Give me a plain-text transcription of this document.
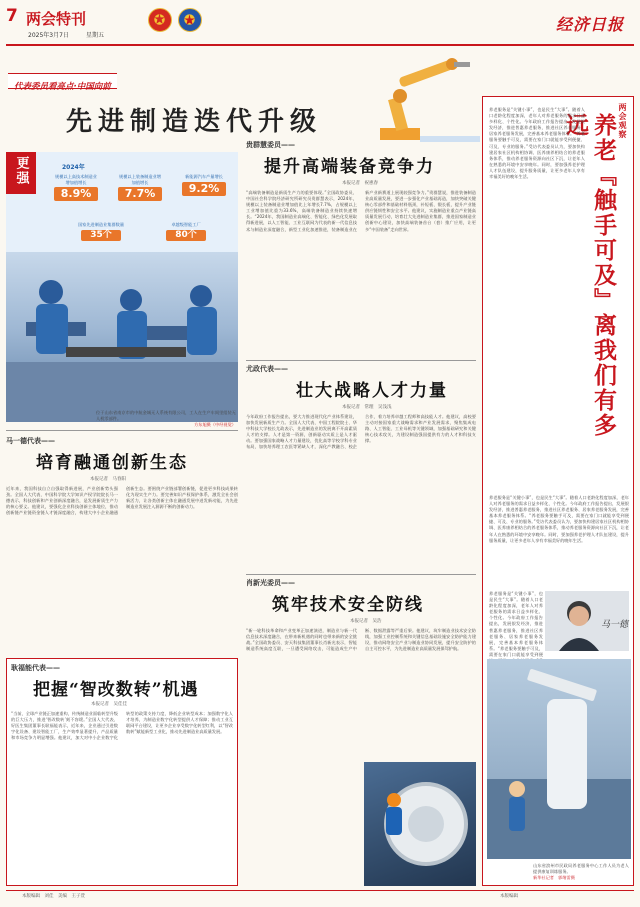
7 两会特刊
2025年3月7日	星期五
经济日报
代表委员看亮点·中国向前
先进制造迭代升级
更强	2024年
规模以上高技术制造业增加值增长
8.9%
规模以上装备制造业增加值增长
7.7%
新能源汽车产量增长
9.2%
国家先进制造业集群数量
35个
卓越级智能工厂
80个
位于山东省南京市的中航金城无人系统有限公司，工人在生产车间里组装无人机零部件。
方东旭摄（中经视觉）
马一德代表——
培育融通创新生态
本报记者　马春阳
近年来，我国科技自立自强取得新进展，产业创新势头强劲。全国人大代表、中国科学院大学知识产权学院院长马一德表示，科技创新和产业创新深度融合，是发展新质生产力的核心要义。他建议，要强化企业科技创新主体地位，推动创新链产业链资金链人才链深度融合，构建大中小企业融通创新生态。要围绕产业链部署创新链，促进更多科技成果转化为现实生产力。要完善知识产权保护体系，激发全社会创新活力，让各类创新主体在融通发展中迸发新动能，为先进制造业发展注入源源不断的创新动力。
耿福能代表——
把握“智改数转”机遇
本报记者　吴佳佳
“当前，全球产业链正加速重构，传统制造业面临转型升级的巨大压力，推进‘智改数转’刻不容缓。”全国人大代表、好医生集团董事长耿福能表示，近年来，企业通过引进数字化设备、建设智能工厂，生产效率显著提升，产品质量和市场竞争力明显增强。他建议，加大对中小企业数字化转型的政策支持力度，降低企业转型成本；加强数字化人才培养，为制造业数字化转型提供人才保障；推动工业互联网平台建设，让更多企业享受数字化转型红利，以“智改数转”赋能新型工业化，推动先进制造业高质量发展。
贵群慧委员——
提升高端装备竞争力
本报记者　祝惠春
“高端装备制造是新质生产力的重要体现。”全国政协委员、中国社会科学院经济研究所研究员贵群慧表示，2024年，规模以上装备制造业增加值比上年增长7.7%，占规模以上工业增加值比重为33.6%，高端装备制造业持续快速增长。“2024年，我国制造业高端化、智能化、绿色化发展取得新进展，以人工智能、工业互联网为代表的新一代信息技术与制造业深度融合，新型工业化加速推进，装备制造业在新产业新赛道上展现较强竞争力。”贵群慧说，推进装备制造业高质量发展，要进一步强化产业基础再造，加快突破关键核心零部件和基础材料瓶颈，补短板、锻长板，提升产业链供应链韧性和安全水平。他建议，实施制造业重点产业链高质量发展行动，培育壮大先进制造业集群，推进国家制造业创新中心建设，加快高端装备首台（套）推广应用，让更多“中国装备”走向世界。
尤政代表——
壮大战略人才力量
本报记者　常理　吴浅浅
今年政府工作报告提出，要大力推进现代化产业体系建设，加快发展新质生产力。全国人大代表、中国工程院院士、华中科技大学校长尤政表示，先进制造业的发展离不开高素质人才的支撑。人才是第一资源，创新驱动实质上是人才驱动。要加强国家战略人才力量建设，优化高等学校学科专业布局，加快培养理工农医等紧缺人才，深化产教融合、校企合作，着力培养卓越工程师和高技能人才。他建议，高校要主动对接国家重大战略需求和产业发展需求，聚焦集成电路、人工智能、工业母机等关键领域，加强基础研究和关键核心技术攻关，为建设制造强国提供有力的人才和科技支撑。
肖新光委员——
筑牢技术安全防线
本报记者　吴浩
“新一轮科技革命和产业变革正加速演进，制造业与新一代信息技术深度融合，在带来新机遇的同时也带来新的安全挑战。”全国政协委员、安天科技集团董事长肖新光表示，智能制造系统高度互联，一旦遭受网络攻击，可能造成生产中断、数据泄露等严重后果。他建议，筑牢制造业技术安全防线，加强工业控制系统和关键信息基础设施安全防护能力建设，推动网络安全产业与制造业协同发展，提升安全防护的自主可控水平，为先进制造业高质量发展保驾护航。
两会观察
养老『触手可及』离我们有多远
养老服务是“关键小事”，也是民生“大事”。随着人口老龄化程度加深，老年人对养老服务的需求日益多样化、个性化。今年政府工作报告提出，发展银发经济，推进普惠养老服务，推进社区养老服务、居家养老服务发展，完善基本养老服务体系。“养老服务要触手可及，需要在家门口就能享受到便捷、可及、专业的服务。”受访代表委员认为，要加快构建居家社区机构相协调、医养康养相结合的养老服务体系，推动养老服务资源向社区下沉，让老年人在熟悉的环境中安享晚年。同时，要加强养老护理人才队伍建设，提升服务质量，让更多老年人享有幸福美好的晚年生活。
养老服务是“关键小事”，也是民生“大事”。随着人口老龄化程度加深，老年人对养老服务的需求日益多样化、个性化。今年政府工作报告提出，发展银发经济，推进普惠养老服务，推进社区养老服务、居家养老服务发展，完善基本养老服务体系。“养老服务要触手可及，需要在家门口就能享受到便捷、可及、专业的服务。”受访代表委员认为，要加快构建居家社区机构相协调、医养康养相结合的养老服务体系，推动养老服务资源向社区下沉，让老年人在熟悉的环境中安享晚年。同时，要加强养老护理人才队伍建设，提升服务质量，让更多老年人享有幸福美好的晚年生活。
马一德
养老服务是“关键小事”，也是民生“大事”。随着人口老龄化程度加深，老年人对养老服务的需求日益多样化、个性化。今年政府工作报告提出，发展银发经济，推进普惠养老服务，推进社区养老服务、居家养老服务发展，完善基本养老服务体系。“养老服务要触手可及，需要在家门口就能享受到便
山东省滨州市民政局养老服务中心工作人员为老人提供康复训练服务。
新华社记者　郭绪雷摄
本版编辑　刘佳　美编　王子萱	本版编辑
